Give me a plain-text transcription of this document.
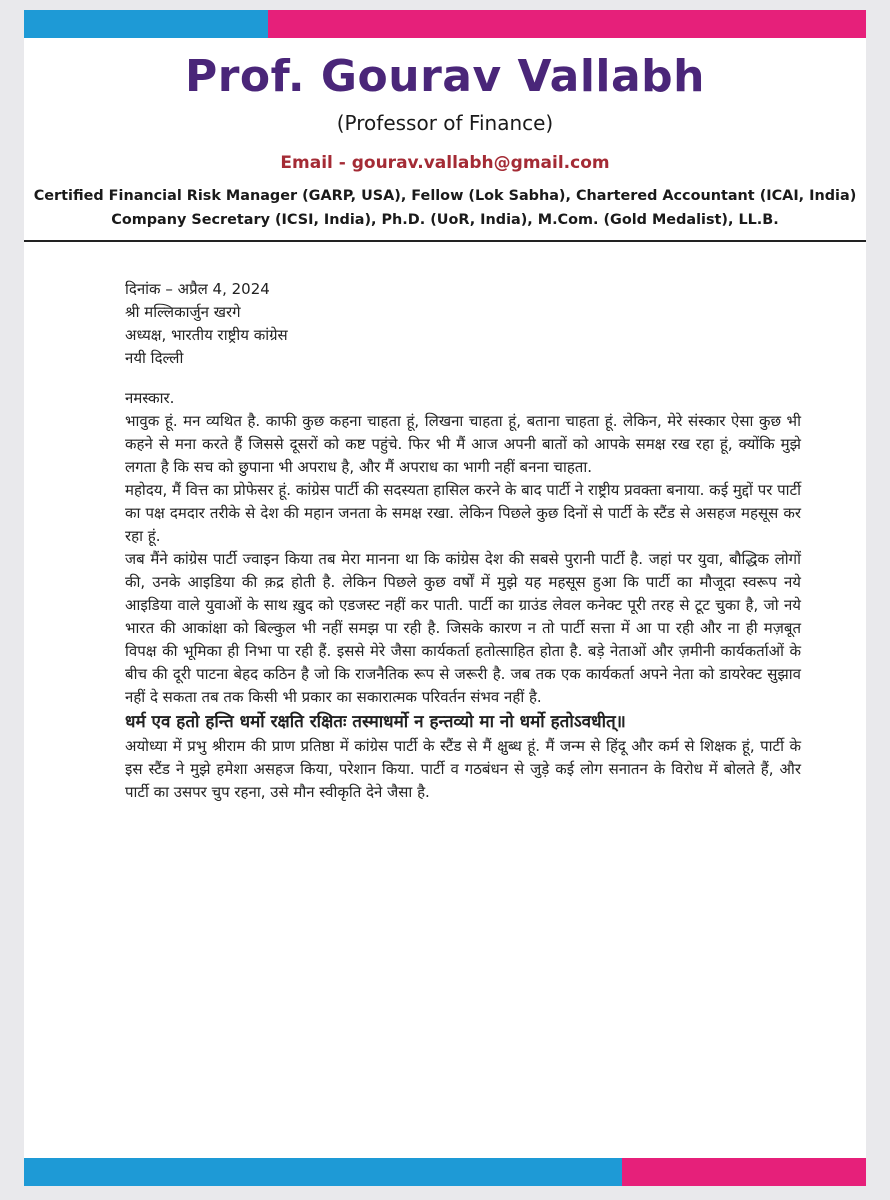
Prof. Gourav Vallabh
(Professor of Finance)
Email - gourav.vallabh@gmail.com
Certified Financial Risk Manager (GARP, USA), Fellow (Lok Sabha), Chartered Accountant (ICAI, India)
Company Secretary (ICSI, India), Ph.D. (UoR, India), M.Com. (Gold Medalist), LL.B.

दिनांक – अप्रैल 4, 2024

श्री मल्लिकार्जुन खरगे

अध्यक्ष, भारतीय राष्ट्रीय कांग्रेस

नयी दिल्ली

नमस्कार.

भावुक हूं. मन व्यथित है. काफी कुछ कहना चाहता हूं, लिखना चाहता हूं, बताना चाहता हूं. लेकिन, मेरे संस्कार ऐसा कुछ भी कहने से मना करते हैं जिससे दूसरों को कष्ट पहुंचे. फिर भी मैं आज अपनी बातों को आपके समक्ष रख रहा हूं, क्योंकि मुझे लगता है कि सच को छुपाना भी अपराध है, और मैं अपराध का भागी नहीं बनना चाहता.

महोदय, मैं वित्त का प्रोफेसर हूं. कांग्रेस पार्टी की सदस्यता हासिल करने के बाद पार्टी ने राष्ट्रीय प्रवक्ता बनाया. कई मुद्दों पर पार्टी का पक्ष दमदार तरीके से देश की महान जनता के समक्ष रखा. लेकिन पिछले कुछ दिनों से पार्टी के स्टैंड से असहज महसूस कर रहा हूं.

जब मैंने कांग्रेस पार्टी ज्वाइन किया तब मेरा मानना था कि कांग्रेस देश की सबसे पुरानी पार्टी है. जहां पर युवा, बौद्धिक लोगों की, उनके आइडिया की क़द्र होती है. लेकिन पिछले कुछ वर्षों में मुझे यह महसूस हुआ कि पार्टी का मौजूदा स्वरूप नये आइडिया वाले युवाओं के साथ ख़ुद को एडजस्ट नहीं कर पाती. पार्टी का ग्राउंड लेवल कनेक्ट पूरी तरह से टूट चुका है, जो नये भारत की आकांक्षा को बिल्कुल भी नहीं समझ पा रही है. जिसके कारण न तो पार्टी सत्ता में आ पा रही और ना ही मज़बूत विपक्ष की भूमिका ही निभा पा रही हैं. इससे मेरे जैसा कार्यकर्ता हतोत्साहित होता है. बड़े नेताओं और ज़मीनी कार्यकर्ताओं के बीच की दूरी पाटना बेहद कठिन है जो कि राजनैतिक रूप से जरूरी है. जब तक एक कार्यकर्ता अपने नेता को डायरेक्ट सुझाव नहीं दे सकता तब तक किसी भी प्रकार का सकारात्मक परिवर्तन संभव नहीं है.

धर्म एव हतो हन्ति धर्मो रक्षति रक्षितः तस्माधर्मो न हन्तव्यो मा नो धर्मो हतोऽवधीत्॥

अयोध्या में प्रभु श्रीराम की प्राण प्रतिष्ठा में कांग्रेस पार्टी के स्टैंड से मैं क्षुब्ध हूं. मैं जन्म से हिंदू और कर्म से शिक्षक हूं, पार्टी के इस स्टैंड ने मुझे हमेशा असहज किया, परेशान किया. पार्टी व गठबंधन से जुड़े कई लोग सनातन के विरोध में बोलते हैं, और पार्टी का उसपर चुप रहना, उसे मौन स्वीकृति देने जैसा है.
